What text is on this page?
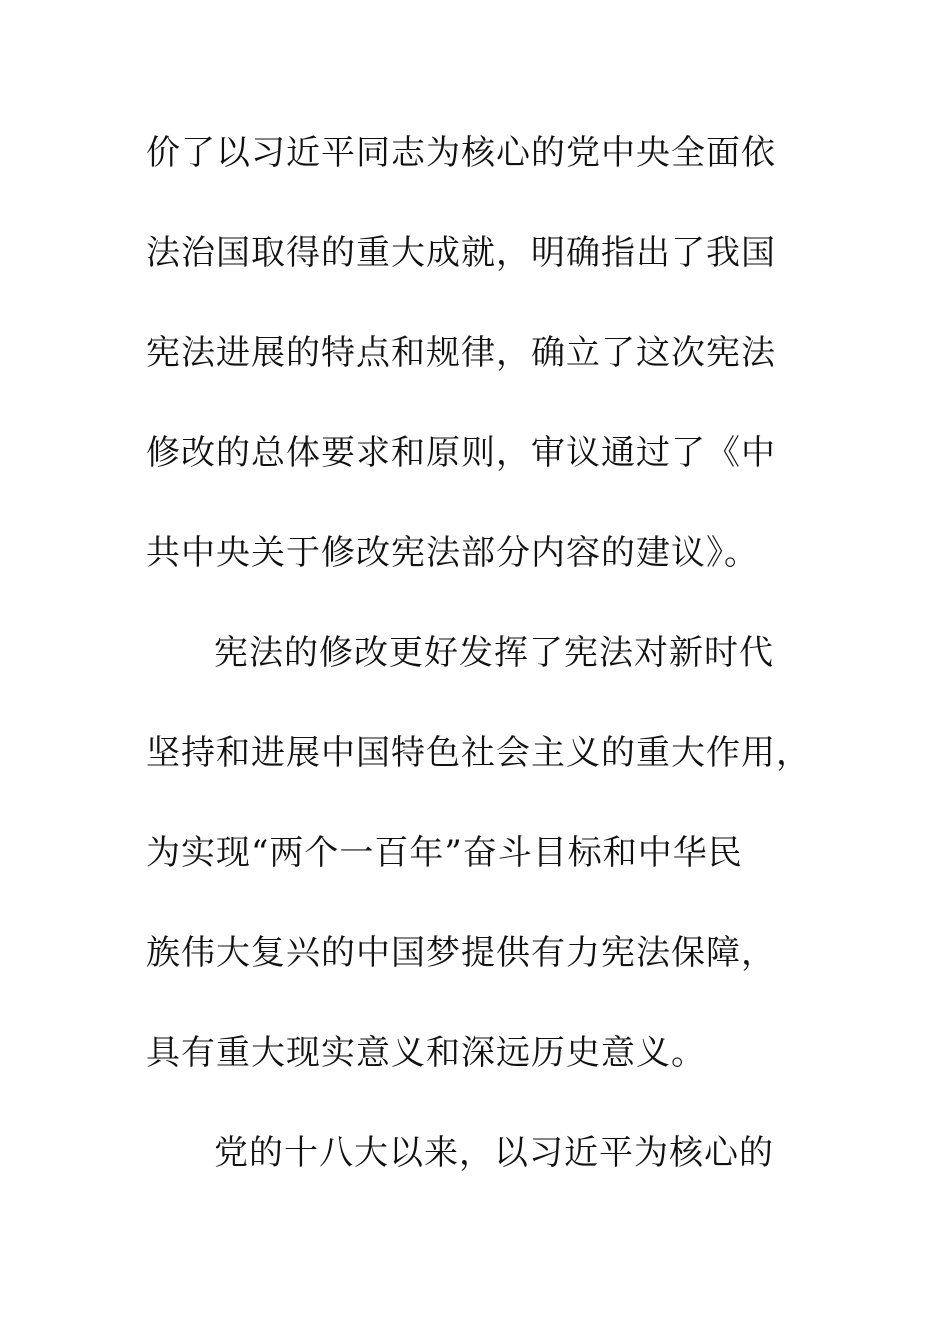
价了以习近平同志为核心的党中央全面依
法治国取得的重大成就，明确指出了我国
宪法进展的特点和规律，确立了这次宪法
修改的总体要求和原则，审议通过了《中
共中央关于修改宪法部分内容的建议》。
宪法的修改更好发挥了宪法对新时代
坚持和进展中国特色社会主义的重大作用，
为实现“两个一百年”奋斗目标和中华民
族伟大复兴的中国梦提供有力宪法保障，
具有重大现实意义和深远历史意义。
党的十八大以来，以习近平为核心的
